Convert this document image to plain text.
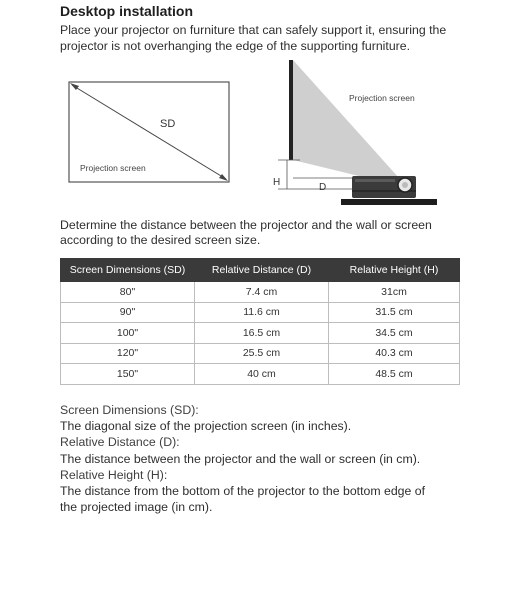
Desktop installation
Place your projector on furniture that can safely support it, ensuring the projector is not overhanging the edge of the supporting furniture.
SD
Projection screen
Projection screen
H	D
Determine the distance between the projector and the wall or screen according to the desired screen size.
Screen Dimensions (SD)	Relative Distance (D)	Relative Height (H)
80"	7.4 cm	31cm
90"	11.6 cm	31.5 cm
100"	16.5 cm	34.5 cm
120"	25.5 cm	40.3 cm
150"	40 cm	48.5 cm
Screen Dimensions (SD):
The diagonal size of the projection screen (in inches).
Relative Distance (D):
The distance between the projector and the wall or screen (in cm).
Relative Height (H):
The distance from the bottom of the projector to the bottom edge of
the projected image (in cm).
